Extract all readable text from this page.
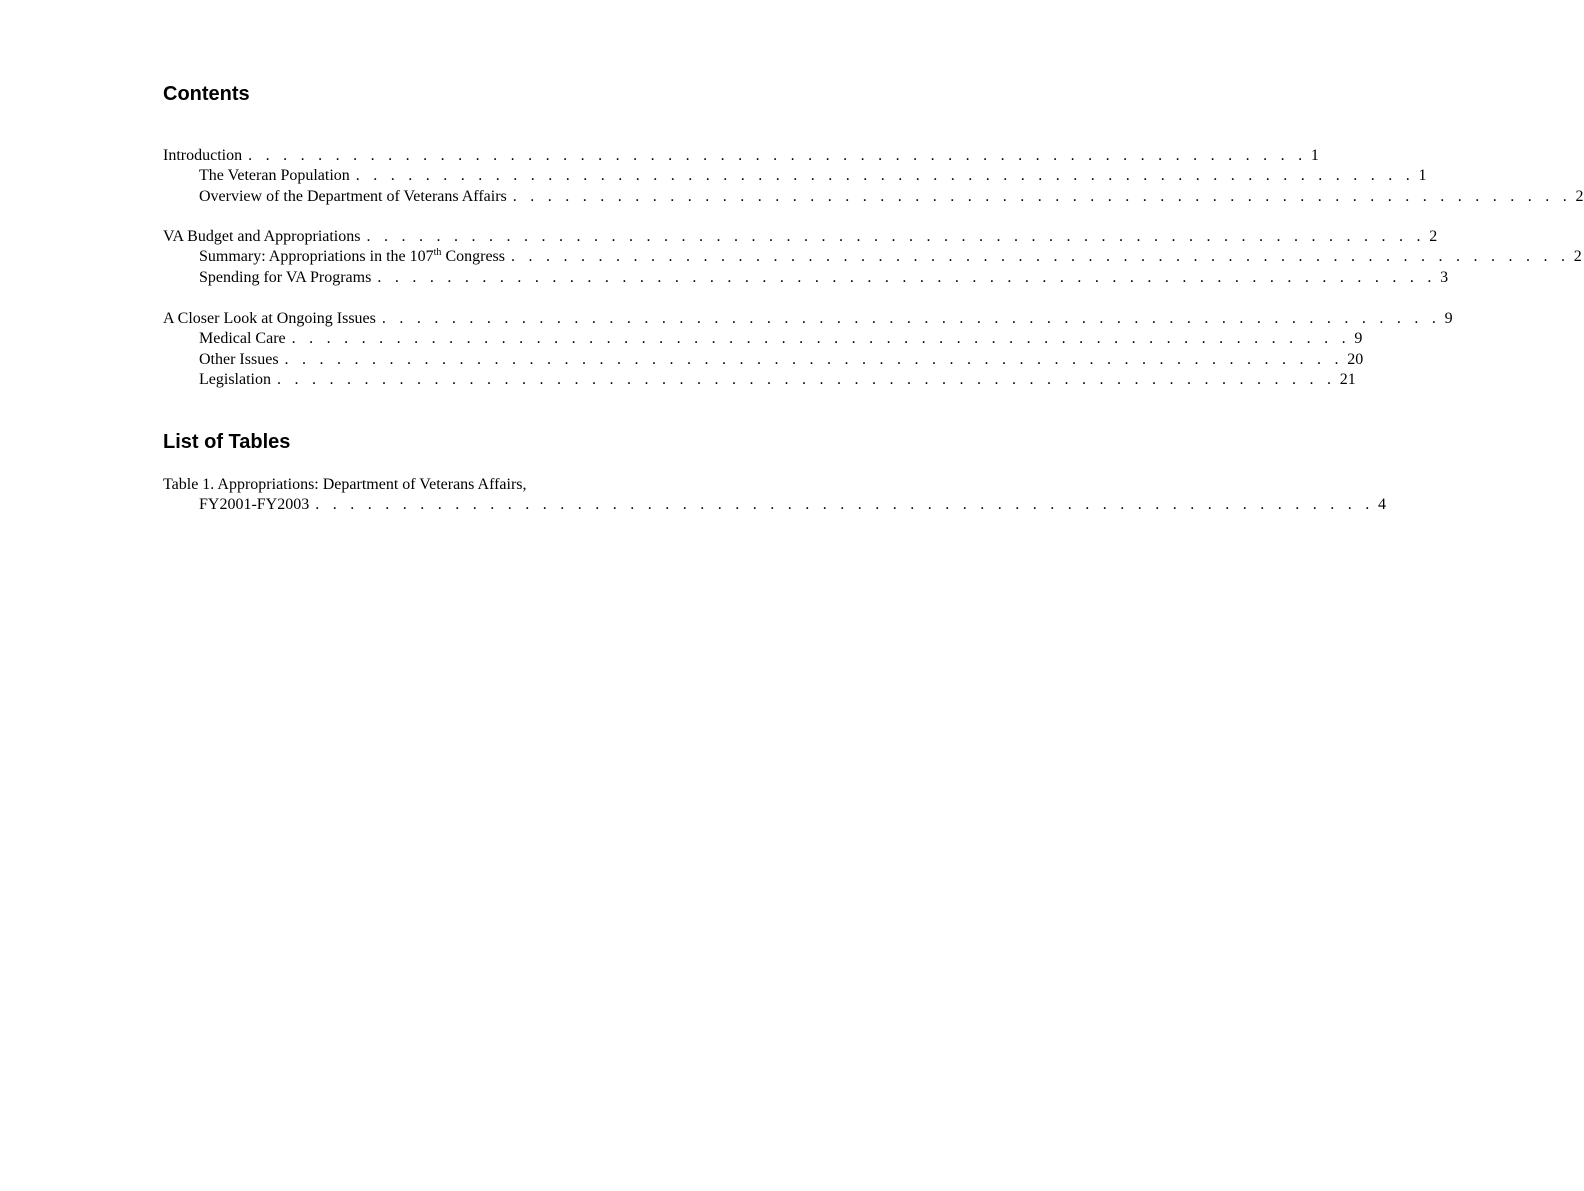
Contents
Introduction . . . . . . . . . . . . . . . . . . . . . . . . . . . . . . . . . . . . . . . . . . . . . . . . . . . . . . . . . . . . . 1
The Veteran Population . . . . . . . . . . . . . . . . . . . . . . . . . . . . . . . . . . . . . . . . . . . . . . . . . . . . . . . . . . . . . 1
Overview of the Department of Veterans Affairs . . . . . . . . . . . . . . . . . . . . . . . . . . . . . . . . . . . . . . . . . . . . . . . . . . . . . . . . . . . . . 2
VA Budget and Appropriations . . . . . . . . . . . . . . . . . . . . . . . . . . . . . . . . . . . . . . . . . . . . . . . . . . . . . . . . . . . . . 2
Summary: Appropriations in the 107th Congress . . . . . . . . . . . . . . . . . . . . . . . . . . . . . . . . . . . . . . . . . . . . . . . . . . . . . . . . . . . . . 2
Spending for VA Programs . . . . . . . . . . . . . . . . . . . . . . . . . . . . . . . . . . . . . . . . . . . . . . . . . . . . . . . . . . . . . 3
A Closer Look at Ongoing Issues . . . . . . . . . . . . . . . . . . . . . . . . . . . . . . . . . . . . . . . . . . . . . . . . . . . . . . . . . . . . . 9
Medical Care . . . . . . . . . . . . . . . . . . . . . . . . . . . . . . . . . . . . . . . . . . . . . . . . . . . . . . . . . . . . . 9
Other Issues . . . . . . . . . . . . . . . . . . . . . . . . . . . . . . . . . . . . . . . . . . . . . . . . . . . . . . . . . . . . . 20
Legislation . . . . . . . . . . . . . . . . . . . . . . . . . . . . . . . . . . . . . . . . . . . . . . . . . . . . . . . . . . . . . 21
List of Tables
Table 1. Appropriations: Department of Veterans Affairs,
FY2001-FY2003 . . . . . . . . . . . . . . . . . . . . . . . . . . . . . . . . . . . . . . . . . . . . . . . . . . . . . . . . . . . . . 4
